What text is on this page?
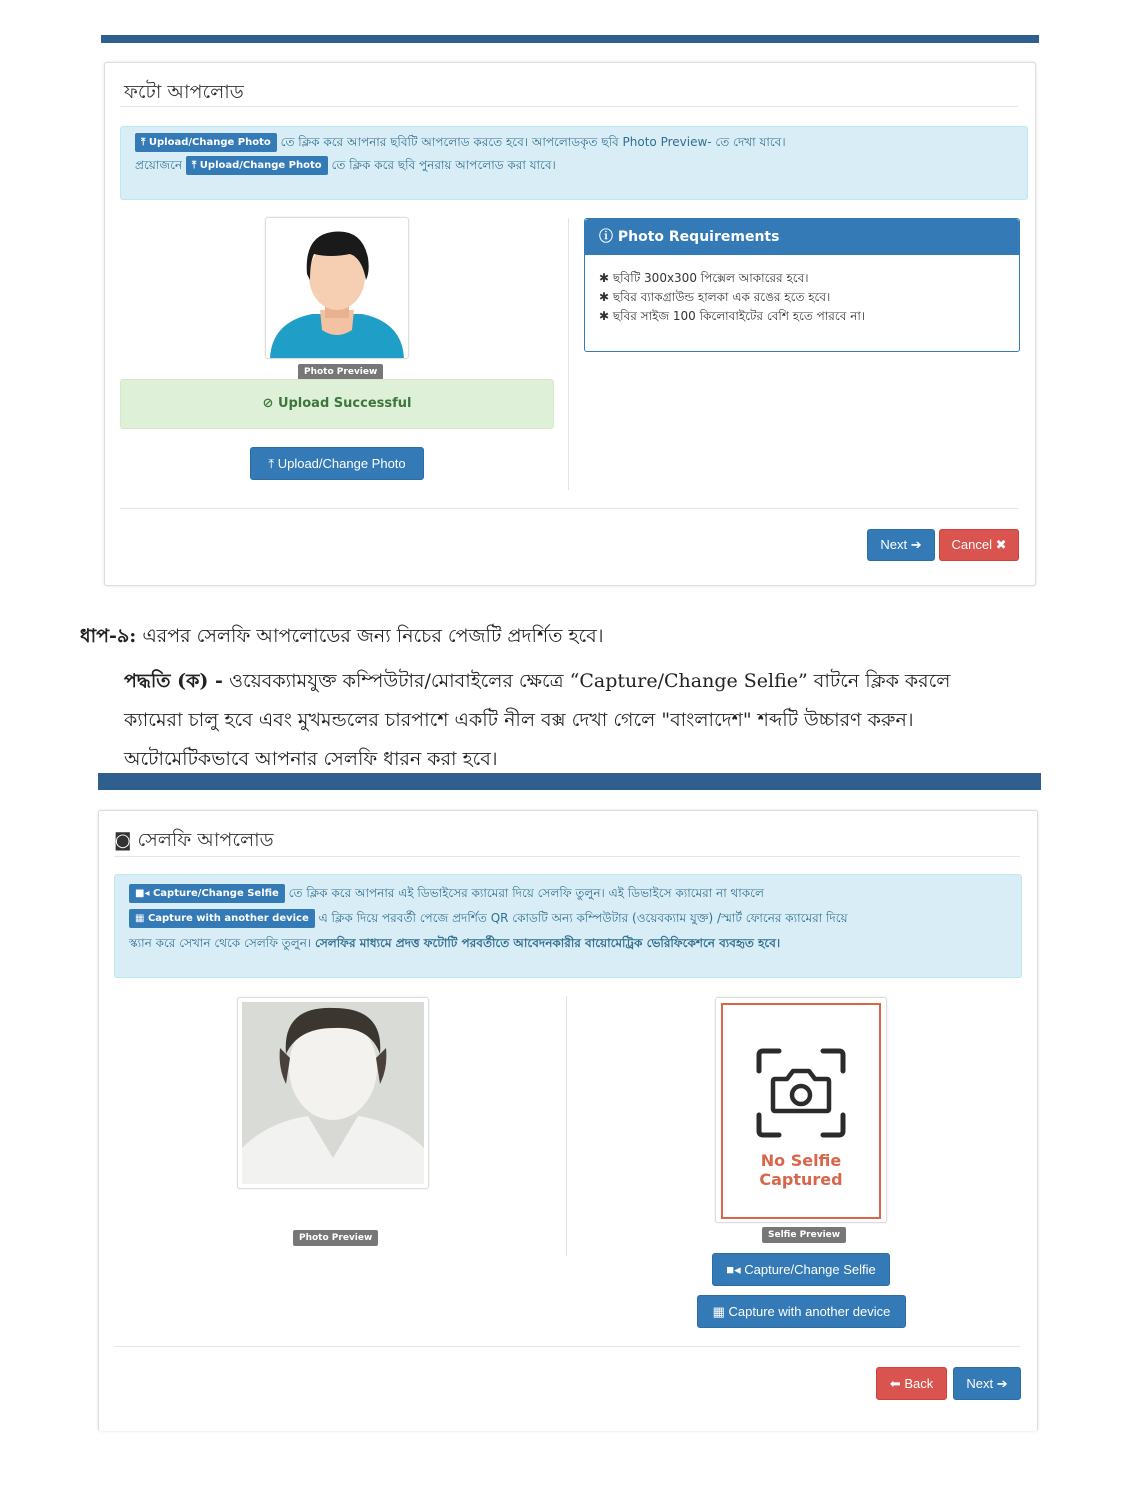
ফটো আপলোড
⤒ Upload/Change Photo তে ক্লিক করে আপনার ছবিটি আপলোড করতে হবে। আপলোডকৃত ছবি Photo Preview- তে দেখা যাবে।
প্রয়োজনে ⤒ Upload/Change Photo তে ক্লিক করে ছবি পুনরায় আপলোড করা যাবে।
Photo Preview
⊘ Upload Successful
⤒ Upload/Change Photo
ⓘ Photo Requirements
✱ ছবিটি 300x300 পিক্সেল আকারের হবে।
✱ ছবির ব্যাকগ্রাউন্ড হালকা এক রঙের হতে হবে।
✱ ছবির সাইজ 100 কিলোবাইটের বেশি হতে পারবে না।
Next ➔	Cancel ✖
ধাপ-৯: এরপর সেলফি আপলোডের জন্য নিচের পেজটি প্রদর্শিত হবে।
পদ্ধতি (ক) - ওয়েবক্যামযুক্ত কম্পিউটার/মোবাইলের ক্ষেত্রে “Capture/Change Selfie” বাটনে ক্লিক করলে
ক্যামেরা চালু হবে এবং মুখমন্ডলের চারপাশে একটি নীল বক্স দেখা গেলে "বাংলাদেশ" শব্দটি উচ্চারণ করুন।
অটোমেটিকভাবে আপনার সেলফি ধারন করা হবে।
◙ সেলফি আপলোড
■◂ Capture/Change Selfie তে ক্লিক করে আপনার এই ডিভাইসের ক্যামেরা দিয়ে সেলফি তুলুন। এই ডিভাইসে ক্যামেরা না থাকলে
▦ Capture with another device এ ক্লিক দিয়ে পরবর্তী পেজে প্রদর্শিত QR কোডটি অন্য কম্পিউটার (ওয়েবক্যাম যুক্ত) /স্মার্ট ফোনের ক্যামেরা দিয়ে
স্ক্যান করে সেখান থেকে সেলফি তুলুন। সেলফির মাধ্যমে প্রদত্ত ফটোটি পরবর্তীতে আবেদনকারীর বায়োমেট্রিক ভেরিফিকেশনে ব্যবহৃত হবে।
Photo Preview
No Selfie
Captured
Selfie Preview
■◂ Capture/Change Selfie
▦ Capture with another device
⬅ Back	Next ➔
